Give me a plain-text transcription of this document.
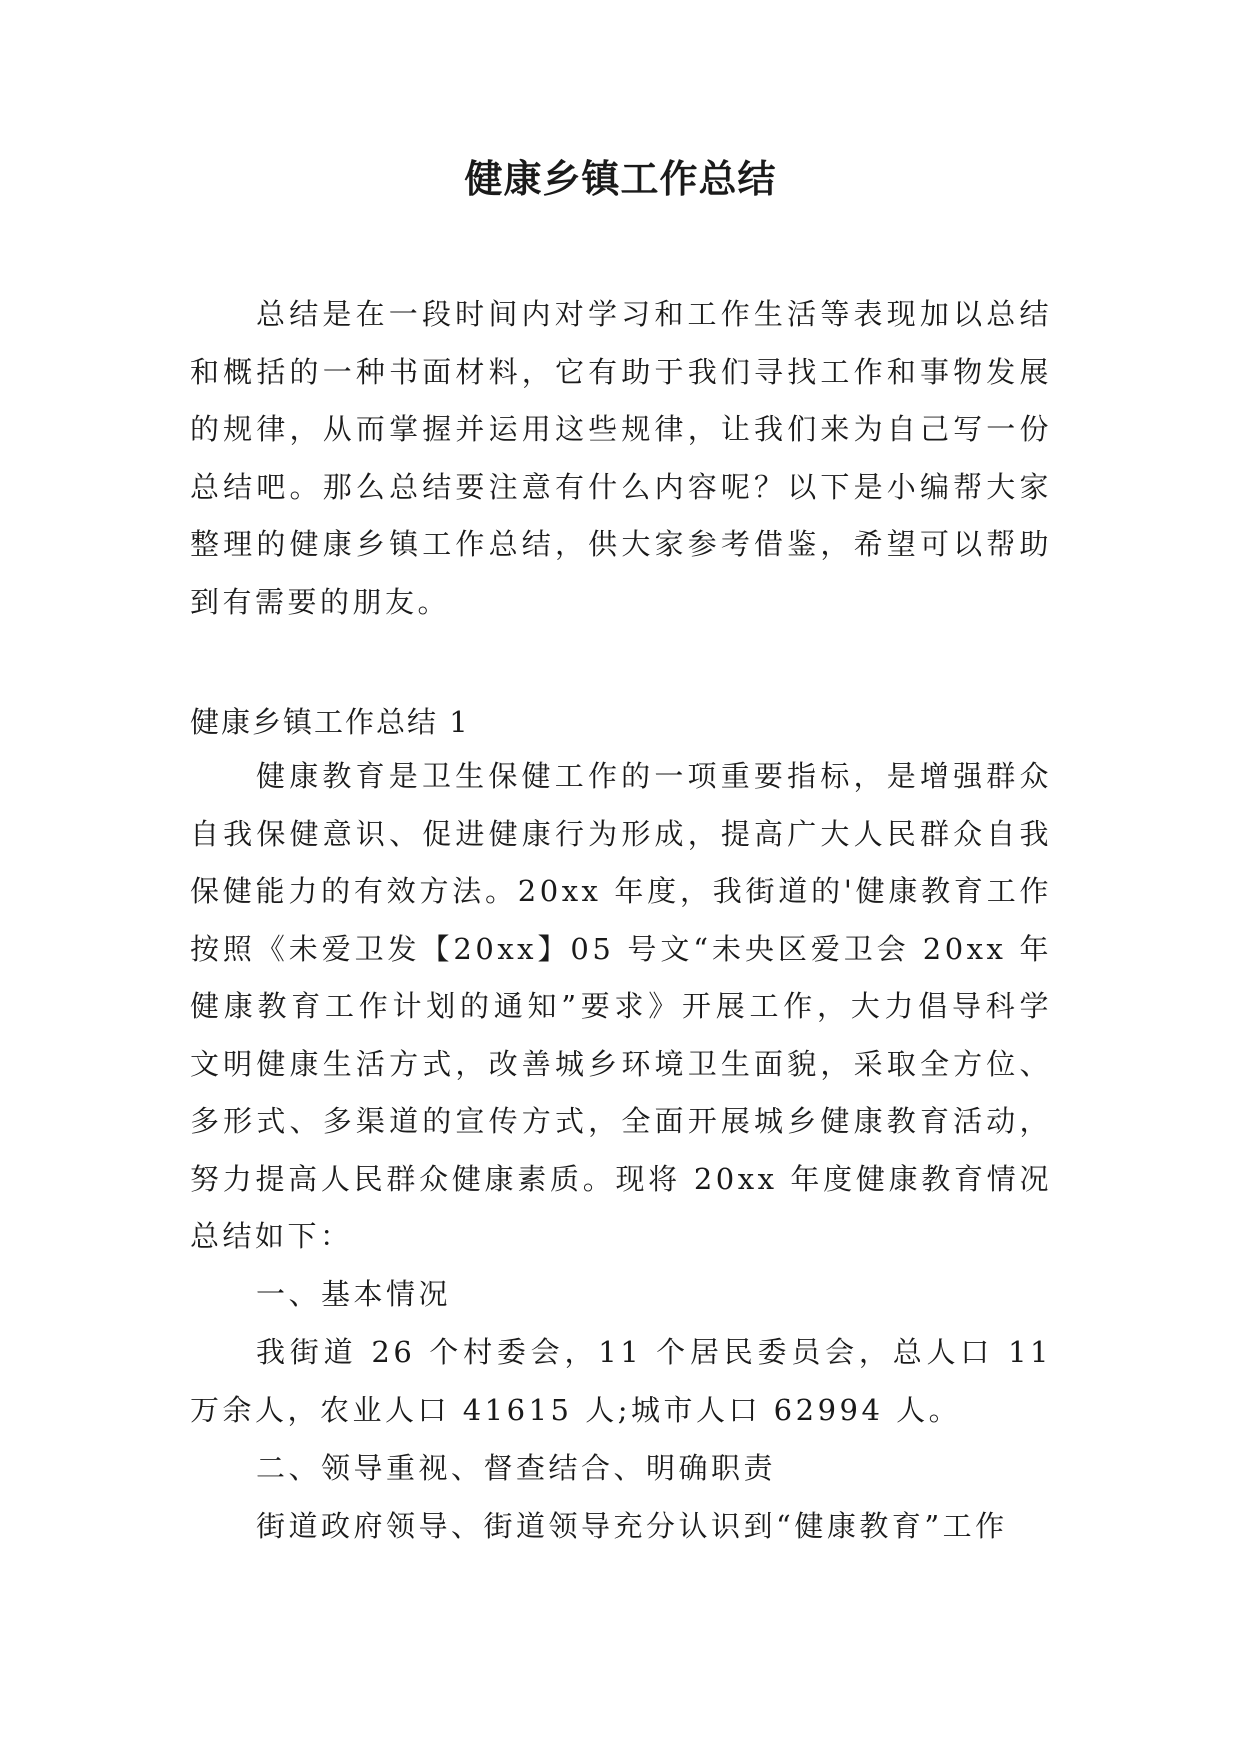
健康乡镇工作总结

总结是在一段时间内对学习和工作生活等表现加以总结和概括的一种书面材料，它有助于我们寻找工作和事物发展的规律，从而掌握并运用这些规律，让我们来为自己写一份总结吧。那么总结要注意有什么内容呢？以下是小编帮大家整理的健康乡镇工作总结，供大家参考借鉴，希望可以帮助到有需要的朋友。

健康乡镇工作总结 1

健康教育是卫生保健工作的一项重要指标，是增强群众自我保健意识、促进健康行为形成，提高广大人民群众自我保健能力的有效方法。20xx 年度，我街道的'健康教育工作按照《未爱卫发【20xx】05 号文“未央区爱卫会 20xx 年健康教育工作计划的通知”要求》开展工作，大力倡导科学文明健康生活方式，改善城乡环境卫生面貌，采取全方位、多形式、多渠道的宣传方式，全面开展城乡健康教育活动，努力提高人民群众健康素质。现将 20xx 年度健康教育情况总结如下：

一、基本情况

我街道 26 个村委会，11 个居民委员会，总人口 11 万余人，农业人口 41615 人;城市人口 62994 人。

二、领导重视、督查结合、明确职责

街道政府领导、街道领导充分认识到“健康教育”工作
